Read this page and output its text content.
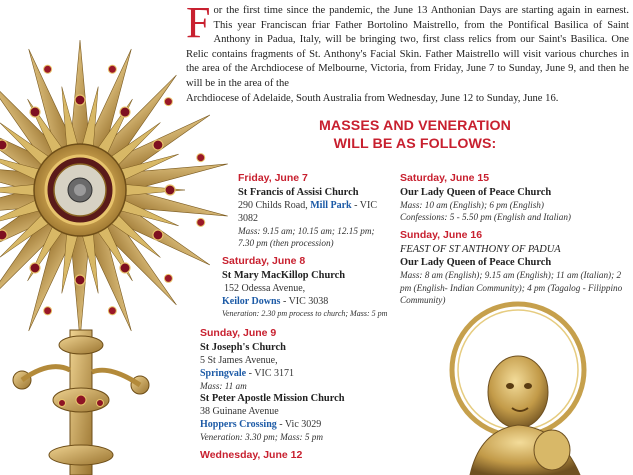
For the first time since the pandemic, the June 13 Anthonian Days are starting again in earnest. This year Franciscan friar Father Bortolino Maistrello, from the Pontifical Basilica of Saint Anthony in Padua, Italy, will be bringing two, first class relics from our Saint's Basilica. One Relic contains fragments of St. Anthony's Facial Skin. Father Maistrello will visit various churches in the area of the Archdiocese of Melbourne, Victoria, from Friday, June 7 to Sunday, June 9, and then he will be in the area of the
Archdiocese of Adelaide, South Australia from Wednesday, June 12 to Sunday, June 16.
MASSES AND VENERATION
WILL BE AS FOLLOWS:
Friday, June 7
St Francis of Assisi Church
290 Childs Road, Mill Park - VIC 3082
Mass: 9.15 am; 10.15 am; 12.15 pm; 7.30 pm (then procession)
Saturday, June 8
St Mary MacKillop Church
152 Odessa Avenue,
Keilor Downs - VIC 3038
Veneration: 2.30 pm process to church; Mass: 5 pm
Sunday, June 9
St Joseph's Church
5 St James Avenue,
Springvale - VIC 3171
Mass: 11 am
St Peter Apostle Mission Church
38 Guinane Avenue
Hoppers Crossing - Vic 3029
Veneration: 3.30 pm; Mass: 5 pm
Wednesday, June 12
Saturday, June 15
Our Lady Queen of Peace Church
Mass: 10 am (English); 6 pm (English)
Confessions: 5 - 5.50 pm (English and Italian)
Sunday, June 16
FEAST OF ST ANTHONY OF PADUA
Our Lady Queen of Peace Church
Mass: 8 am (English); 9.15 am (English); 11 am (Italian); 2 pm (English- Indian Community); 4 pm (Tagalog - Filippino Community)
